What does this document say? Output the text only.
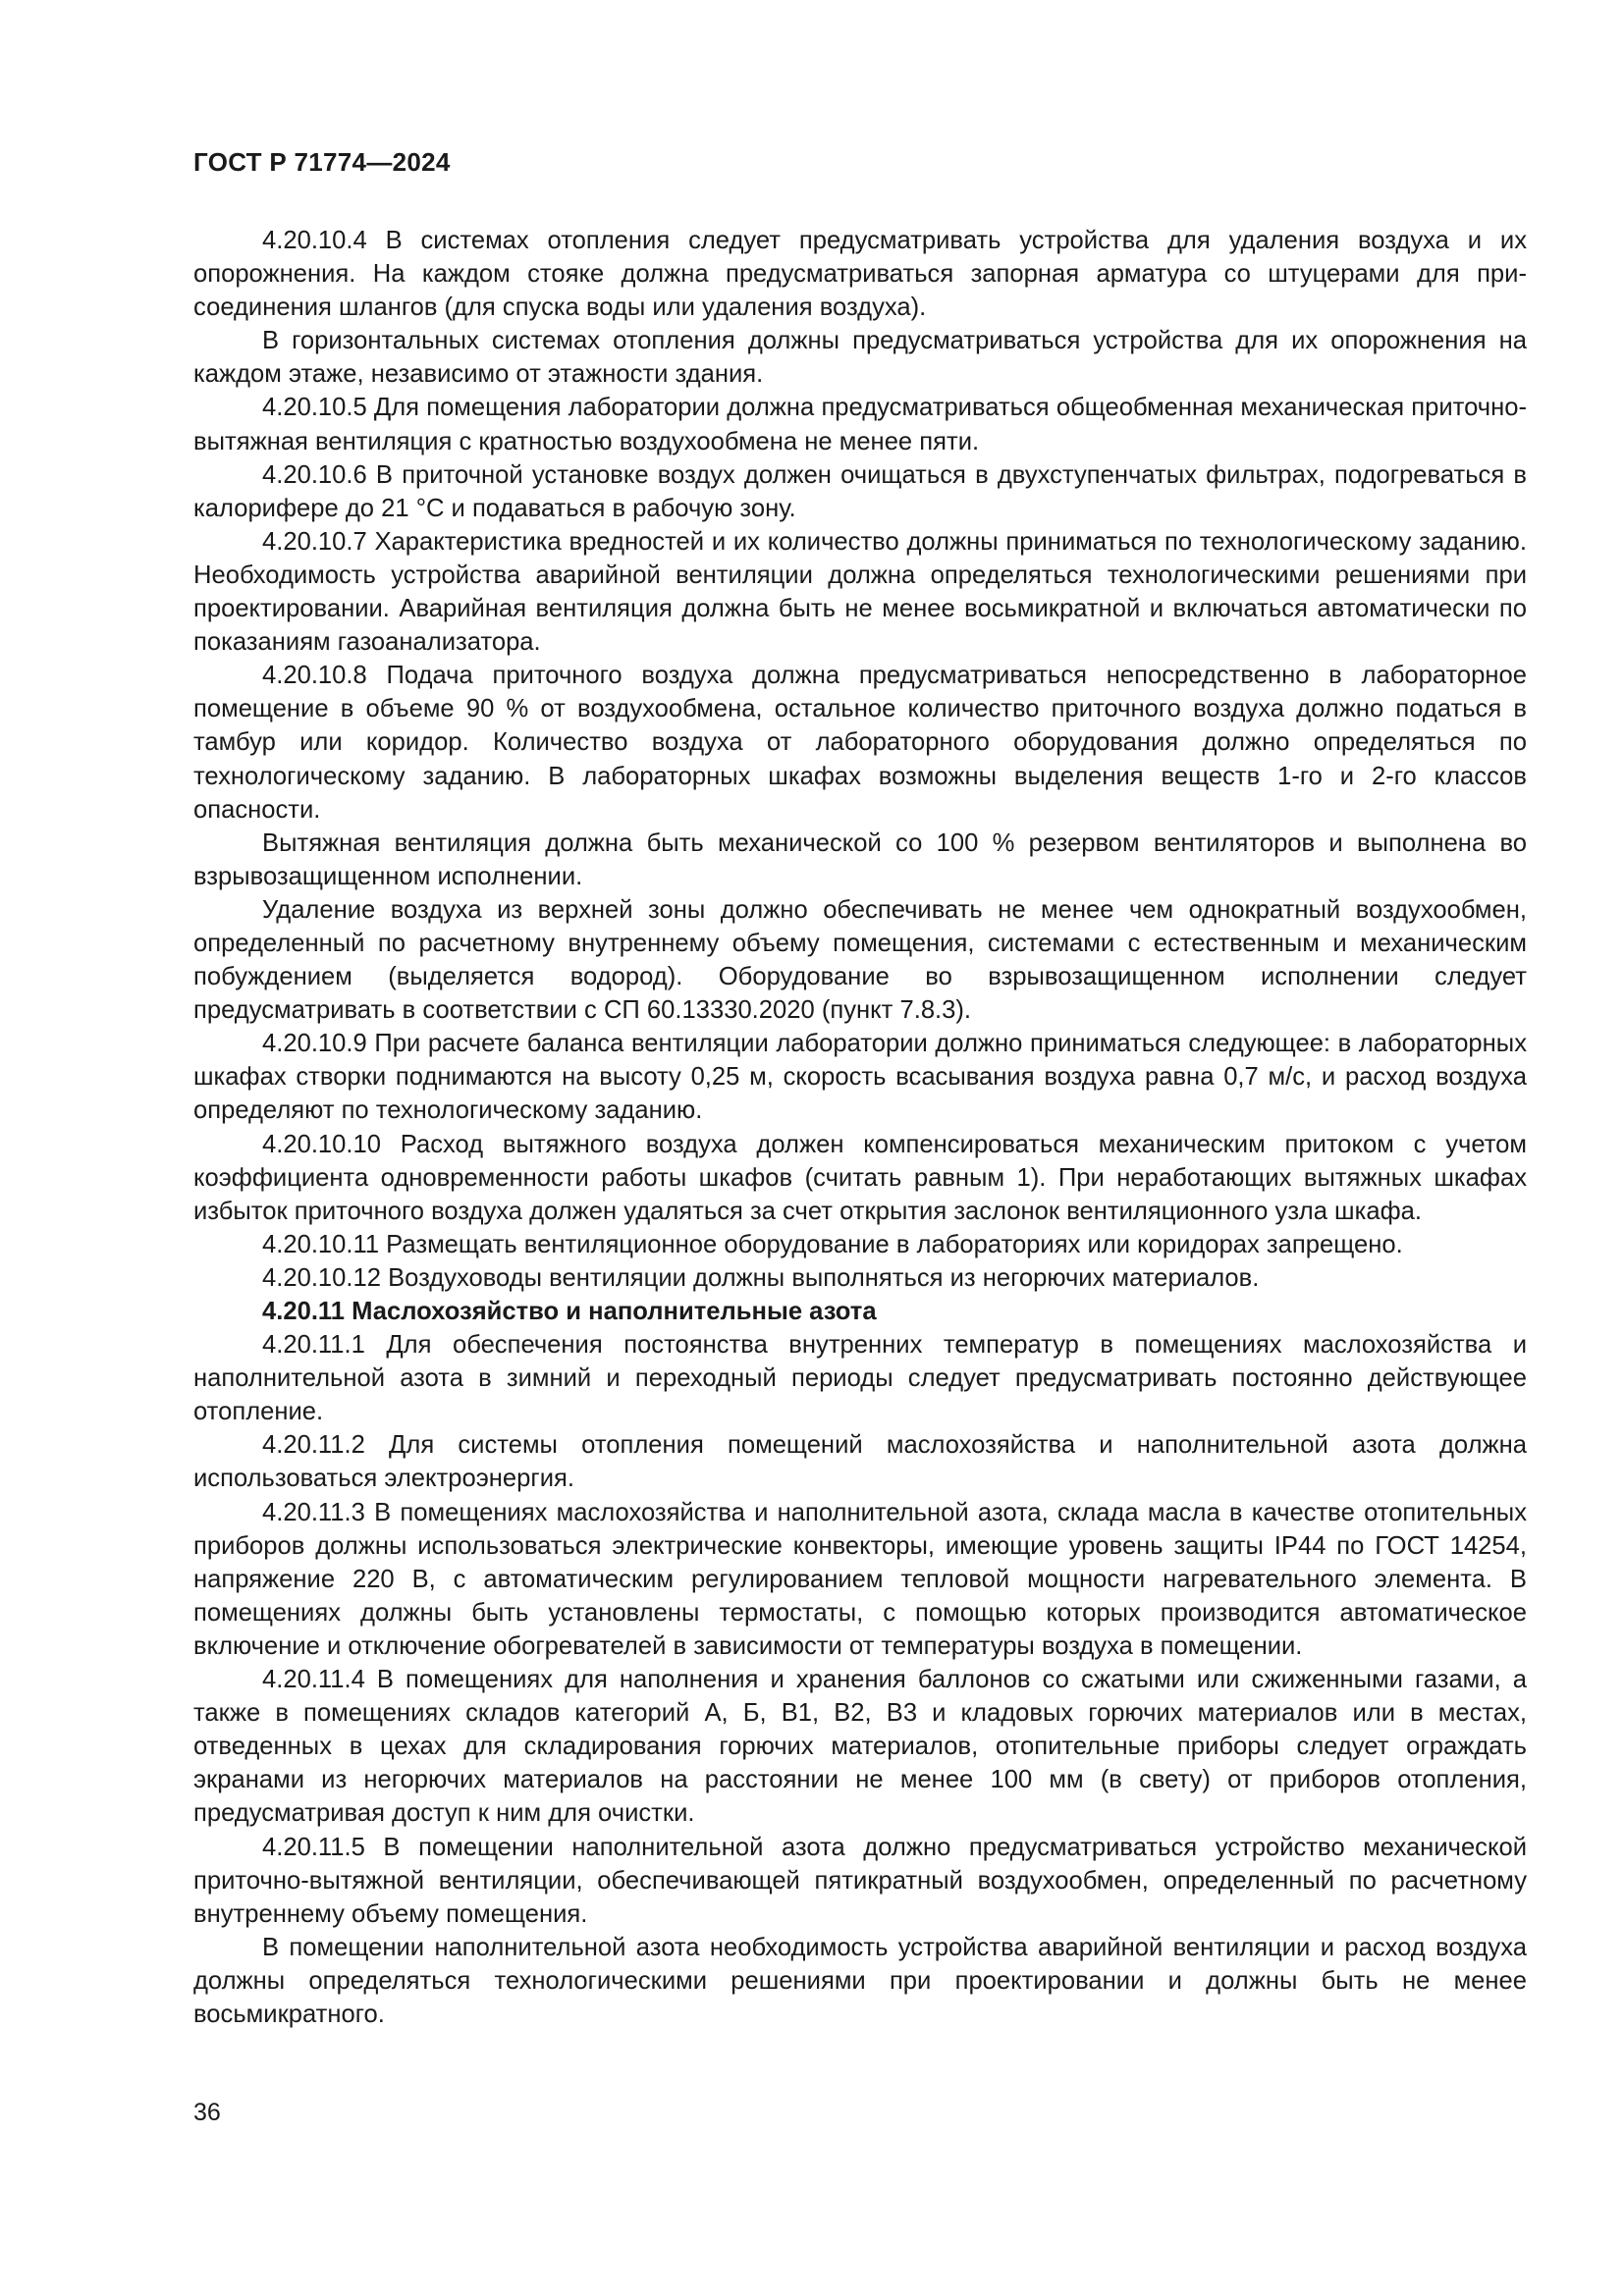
ГОСТ Р 71774—2024

4.20.10.4 В системах отопления следует предусматривать устройства для удаления воздуха и их опорожнения. На каждом стояке должна предусматриваться запорная арматура со штуцерами для присоединения шлангов (для спуска воды или удаления воздуха).

В горизонтальных системах отопления должны предусматриваться устройства для их опорожнения на каждом этаже, независимо от этажности здания.

4.20.10.5 Для помещения лаборатории должна предусматриваться общеобменная механическая приточно-вытяжная вентиляция с кратностью воздухообмена не менее пяти.

4.20.10.6 В приточной установке воздух должен очищаться в двухступенчатых фильтрах, подогреваться в калорифере до 21 °С и подаваться в рабочую зону.

4.20.10.7 Характеристика вредностей и их количество должны приниматься по технологическому заданию. Необходимость устройства аварийной вентиляции должна определяться технологическими решениями при проектировании. Аварийная вентиляция должна быть не менее восьмикратной и включаться автоматически по показаниям газоанализатора.

4.20.10.8 Подача приточного воздуха должна предусматриваться непосредственно в лабораторное помещение в объеме 90 % от воздухообмена, остальное количество приточного воздуха должно податься в тамбур или коридор. Количество воздуха от лабораторного оборудования должно определяться по технологическому заданию. В лабораторных шкафах возможны выделения веществ 1-го и 2-го классов опасности.

Вытяжная вентиляция должна быть механической со 100 % резервом вентиляторов и выполнена во взрывозащищенном исполнении.

Удаление воздуха из верхней зоны должно обеспечивать не менее чем однократный воздухообмен, определенный по расчетному внутреннему объему помещения, системами с естественным и механическим побуждением (выделяется водород). Оборудование во взрывозащищенном исполнении следует предусматривать в соответствии с СП 60.13330.2020 (пункт 7.8.3).

4.20.10.9 При расчете баланса вентиляции лаборатории должно приниматься следующее: в лабораторных шкафах створки поднимаются на высоту 0,25 м, скорость всасывания воздуха равна 0,7 м/с, и расход воздуха определяют по технологическому заданию.

4.20.10.10 Расход вытяжного воздуха должен компенсироваться механическим притоком с учетом коэффициента одновременности работы шкафов (считать равным 1). При неработающих вытяжных шкафах избыток приточного воздуха должен удаляться за счет открытия заслонок вентиляционного узла шкафа.

4.20.10.11 Размещать вентиляционное оборудование в лабораториях или коридорах запрещено.

4.20.10.12 Воздуховоды вентиляции должны выполняться из негорючих материалов.

4.20.11 Маслохозяйство и наполнительные азота

4.20.11.1 Для обеспечения постоянства внутренних температур в помещениях маслохозяйства и наполнительной азота в зимний и переходный периоды следует предусматривать постоянно действующее отопление.

4.20.11.2 Для системы отопления помещений маслохозяйства и наполнительной азота должна использоваться электроэнергия.

4.20.11.3 В помещениях маслохозяйства и наполнительной азота, склада масла в качестве отопительных приборов должны использоваться электрические конвекторы, имеющие уровень защиты IP44 по ГОСТ 14254, напряжение 220 В, с автоматическим регулированием тепловой мощности нагревательного элемента. В помещениях должны быть установлены термостаты, с помощью которых производится автоматическое включение и отключение обогревателей в зависимости от температуры воздуха в помещении.

4.20.11.4 В помещениях для наполнения и хранения баллонов со сжатыми или сжиженными газами, а также в помещениях складов категорий А, Б, В1, В2, В3 и кладовых горючих материалов или в местах, отведенных в цехах для складирования горючих материалов, отопительные приборы следует ограждать экранами из негорючих материалов на расстоянии не менее 100 мм (в свету) от приборов отопления, предусматривая доступ к ним для очистки.

4.20.11.5 В помещении наполнительной азота должно предусматриваться устройство механической приточно-вытяжной вентиляции, обеспечивающей пятикратный воздухообмен, определенный по расчетному внутреннему объему помещения.

В помещении наполнительной азота необходимость устройства аварийной вентиляции и расход воздуха должны определяться технологическими решениями при проектировании и должны быть не менее восьмикратного.

36
